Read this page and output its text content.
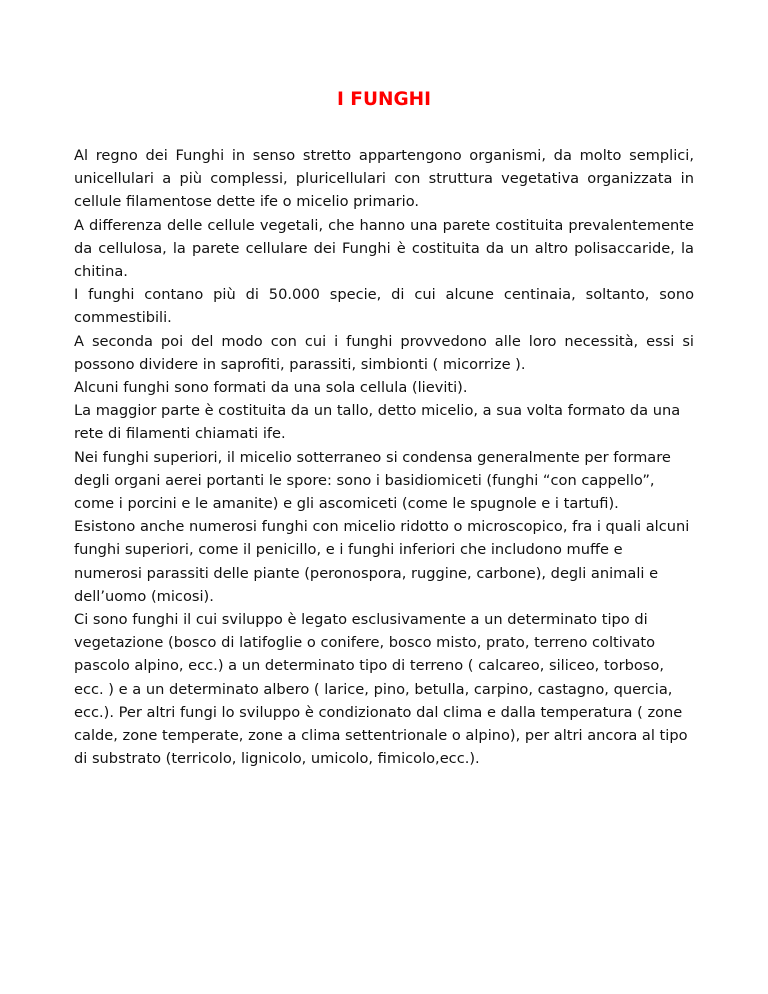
I FUNGHI

Al regno dei Funghi in senso stretto appartengono organismi, da molto semplici, unicellulari a più complessi, pluricellulari con struttura vegetativa organizzata in cellule filamentose dette ife o micelio primario.

A differenza delle cellule vegetali, che hanno una parete costituita prevalentemente da cellulosa, la parete cellulare dei Funghi è costituita da un altro polisaccaride, la chitina.

I funghi contano più di 50.000 specie, di cui alcune centinaia, soltanto, sono commestibili.

A seconda poi del modo con cui i funghi provvedono alle loro necessità, essi si possono dividere in saprofiti, parassiti, simbionti ( micorrize ).

Alcuni funghi sono formati da una sola cellula (lieviti).

La maggior parte è costituita da un tallo, detto micelio, a sua volta formato da una rete di filamenti chiamati ife.

Nei funghi superiori, il micelio sotterraneo si condensa generalmente per formare degli organi aerei portanti le spore: sono i basidiomiceti (funghi “con cappello”, come i porcini e le amanite) e gli ascomiceti (come le spugnole e i tartufi).

Esistono anche numerosi funghi con micelio ridotto o microscopico, fra i quali alcuni funghi superiori, come il penicillo, e i funghi inferiori che includono muffe e numerosi parassiti delle piante (peronospora, ruggine, carbone), degli animali e dell’uomo (micosi).

Ci sono funghi il cui sviluppo è legato esclusivamente a un determinato tipo di vegetazione (bosco di latifoglie o conifere, bosco misto, prato, terreno coltivato pascolo alpino, ecc.) a un determinato tipo di terreno ( calcareo, siliceo, torboso, ecc. ) e a un determinato albero ( larice, pino, betulla, carpino, castagno, quercia, ecc.). Per altri fungi lo sviluppo è condizionato dal clima e dalla temperatura ( zone calde, zone temperate, zone a clima settentrionale o alpino), per altri ancora al tipo di substrato (terricolo, lignicolo, umicolo, fimicolo,ecc.).
